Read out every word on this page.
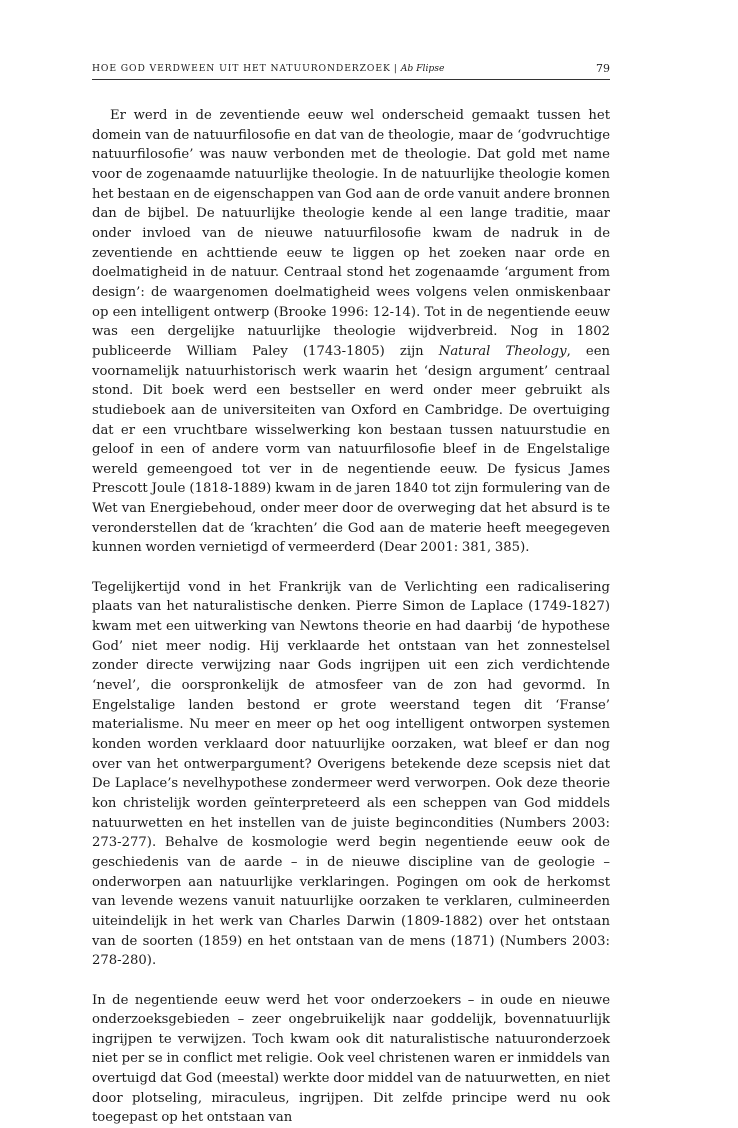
HOE GOD VERDWEEN UIT HET NATUURONDERZOEK | Ab Flipse	79

Er werd in de zeventiende eeuw wel onderscheid gemaakt tussen het domein van de natuurfilosofie en dat van de theologie, maar de ‘godvruchtige natuurfilosofie’ was nauw verbonden met de theologie. Dat gold met name voor de zogenaamde natuurlijke theologie. In de natuurlijke theologie komen het bestaan en de eigenschappen van God aan de orde vanuit andere bronnen dan de bijbel. De natuurlijke theologie kende al een lange traditie, maar onder invloed van de nieuwe natuurfilosofie kwam de nadruk in de zeventiende en achttiende eeuw te liggen op het zoeken naar orde en doelmatigheid in de natuur. Centraal stond het zogenaamde ‘argument from design’: de waargenomen doelmatigheid wees volgens velen onmiskenbaar op een intelligent ontwerp (Brooke 1996: 12-14). Tot in de negentiende eeuw was een dergelijke natuurlijke theologie wijdverbreid. Nog in 1802 publiceerde William Paley (1743-1805) zijn Natural Theology, een voornamelijk natuurhistorisch werk waarin het ‘design argument’ centraal stond. Dit boek werd een bestseller en werd onder meer gebruikt als studieboek aan de universiteiten van Oxford en Cambridge. De overtuiging dat er een vruchtbare wisselwerking kon bestaan tussen natuurstudie en geloof in een of andere vorm van natuurfilosofie bleef in de Engelstalige wereld gemeengoed tot ver in de negentiende eeuw. De fysicus James Prescott Joule (1818-1889) kwam in de jaren 1840 tot zijn formulering van de Wet van Energiebehoud, onder meer door de overweging dat het absurd is te veronderstellen dat de ‘krachten’ die God aan de materie heeft meegegeven kunnen worden vernietigd of vermeerderd (Dear 2001: 381, 385).

Tegelijkertijd vond in het Frankrijk van de Verlichting een radicalisering plaats van het naturalistische denken. Pierre Simon de Laplace (1749-1827) kwam met een uitwerking van Newtons theorie en had daarbij ‘de hypothese God’ niet meer nodig. Hij verklaarde het ontstaan van het zonnestelsel zonder directe verwijzing naar Gods ingrijpen uit een zich verdichtende ‘nevel’, die oorspronkelijk de atmosfeer van de zon had gevormd. In Engelstalige landen bestond er grote weerstand tegen dit ‘Franse’ materialisme. Nu meer en meer op het oog intelligent ontworpen systemen konden worden verklaard door natuurlijke oorzaken, wat bleef er dan nog over van het ontwerpargument? Overigens betekende deze scepsis niet dat De Laplace’s nevelhypothese zondermeer werd verworpen. Ook deze theorie kon christelijk worden geïnterpreteerd als een scheppen van God middels natuurwetten en het instellen van de juiste begincondities (Numbers 2003: 273-277). Behalve de kosmologie werd begin negentiende eeuw ook de geschiedenis van de aarde – in de nieuwe discipline van de geologie – onderworpen aan natuurlijke verklaringen. Pogingen om ook de herkomst van levende wezens vanuit natuurlijke oorzaken te verklaren, culmineerden uiteindelijk in het werk van Charles Darwin (1809-1882) over het ontstaan van de soorten (1859) en het ontstaan van de mens (1871) (Numbers 2003: 278-280).

In de negentiende eeuw werd het voor onderzoekers – in oude en nieuwe onderzoeksgebieden – zeer ongebruikelijk naar goddelijk, bovennatuurlijk ingrijpen te verwijzen. Toch kwam ook dit naturalistische natuuronderzoek niet per se in conflict met religie. Ook veel christenen waren er inmiddels van overtuigd dat God (meestal) werkte door middel van de natuurwetten, en niet door plotseling, miraculeus, ingrijpen. Dit zelfde principe werd nu ook toegepast op het ontstaan van
